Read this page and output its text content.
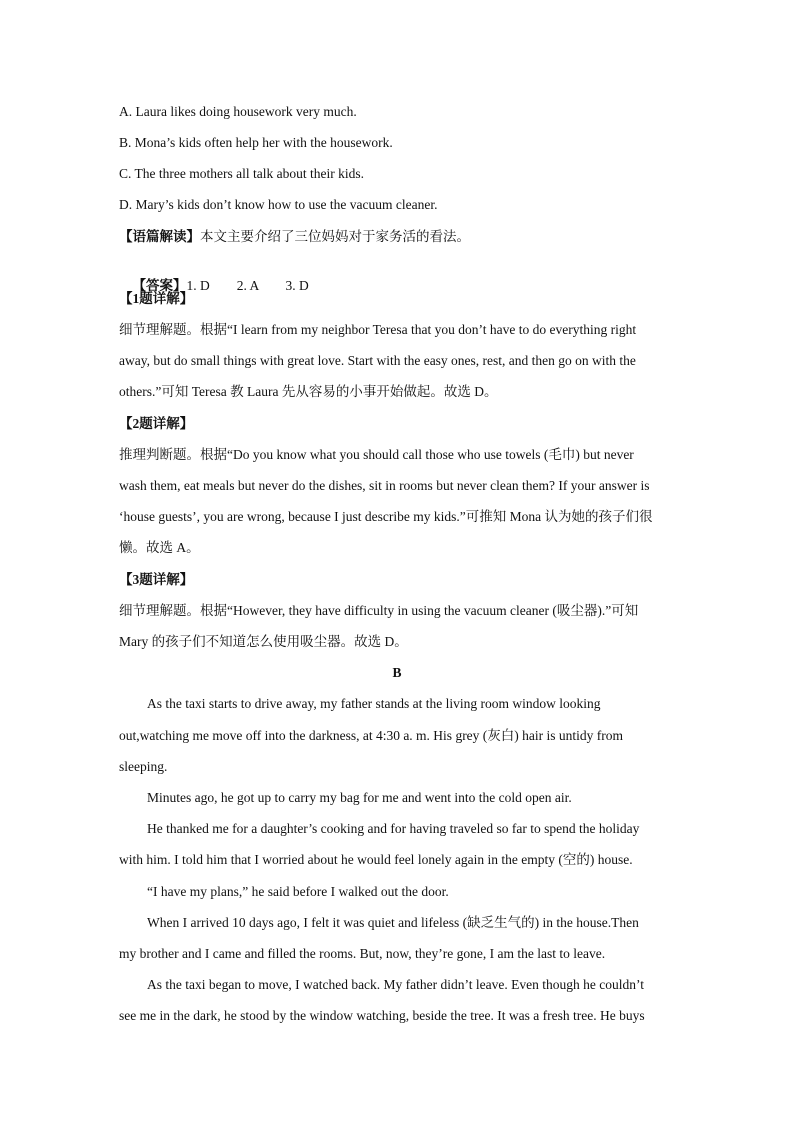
A. Laura likes doing housework very much.
B. Mona’s kids often help her with the housework.
C. The three mothers all talk about their kids.
D. Mary’s kids don’t know how to use the vacuum cleaner.
【语篇解读】本文主要介绍了三位妈妈对于家务活的看法。

【答案】1. D        2. A        3. D

【1题详解】
细节理解题。根据“I learn from my neighbor Teresa that you don’t have to do everything right
away, but do small things with great love. Start with the easy ones, rest, and then go on with the
others.”可知 Teresa 教 Laura 先从容易的小事开始做起。故选 D。
【2题详解】
推理判断题。根据“Do you know what you should call those who use towels (毛巾) but never
wash them, eat meals but never do the dishes, sit in rooms but never clean them? If your answer is
‘house guests’, you are wrong, because I just describe my kids.”可推知 Mona 认为她的孩子们很
懒。故选 A。
【3题详解】
细节理解题。根据“However, they have difficulty in using the vacuum cleaner (吸尘器).”可知
Mary 的孩子们不知道怎么使用吸尘器。故选 D。
B
As the taxi starts to drive away, my father stands at the living room window looking
out,watching me move off into the darkness, at 4:30 a. m. His grey (灰白) hair is untidy from
sleeping.
Minutes ago, he got up to carry my bag for me and went into the cold open air.
He thanked me for a daughter’s cooking and for having traveled so far to spend the holiday
with him. I told him that I worried about he would feel lonely again in the empty (空的) house.
“I have my plans,” he said before I walked out the door.
When I arrived 10 days ago, I felt it was quiet and lifeless (缺乏生气的) in the house.Then
my brother and I came and filled the rooms. But, now, they’re gone, I am the last to leave.
As the taxi began to move, I watched back. My father didn’t leave. Even though he couldn’t
see me in the dark, he stood by the window watching, beside the tree. It was a fresh tree. He buys
